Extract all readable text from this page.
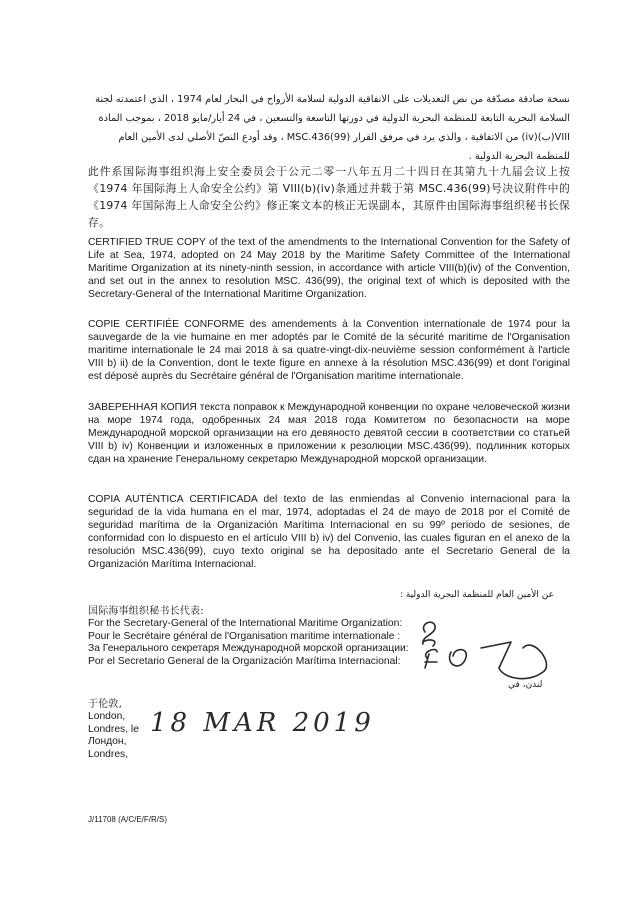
نسخة صادقة مصدّقة من نص التعديلات على الاتفاقية الدولية لسلامة الأرواح في البحار لعام 1974 ، الذي اعتمدته لجنة السلامة البحرية التابعة للمنظمة البحرية الدولية في دورتها التاسعة والتسعين ، في 24 أيار/مايو 2018 ، بموجب المادة VIII(ب)(iv) من الاتفاقية ، والذي يرد في مرفق القرار MSC.436(99) ، وقد أودع النصّ الأصلي لدى الأمين العام للمنظمة البحرية الدولية .

此件系国际海事组织海上安全委员会于公元二零一八年五月二十四日在其第九十九届会议上按《1974 年国际海上人命安全公约》第 VIII(b)(iv)条通过并载于第 MSC.436(99)号决议附件中的《1974 年国际海上人命安全公约》修正案文本的核正无误副本，其原件由国际海事组织秘书长保存。

CERTIFIED TRUE COPY of the text of the amendments to the International Convention for the Safety of Life at Sea, 1974, adopted on 24 May 2018 by the Maritime Safety Committee of the International Maritime Organization at its ninety-ninth session, in accordance with article VIII(b)(iv) of the Convention, and set out in the annex to resolution MSC. 436(99), the original text of which is deposited with the Secretary-General of the International Maritime Organization.

COPIE CERTIFIÉE CONFORME des amendements à la Convention internationale de 1974 pour la sauvegarde de la vie humaine en mer adoptés par le Comité de la sécurité maritime de l'Organisation maritime internationale le 24 mai 2018 à sa quatre-vingt-dix-neuvième session conformément à l'article VIII b) ii) de la Convention, dont le texte figure en annexe à la résolution MSC.436(99) et dont l'original est déposé auprès du Secrétaire général de l'Organisation maritime internationale.

ЗАВЕРЕННАЯ КОПИЯ текста поправок к Международной конвенции по охране человеческой жизни на море 1974 года, одобренных 24 мая 2018 года Комитетом по безопасности на море Международной морской организации на его девяносто девятой сессии в соответствии со статьей VIII b) iv) Конвенции и изложенных в приложении к резолюции MSC.436(99), подлинник которых сдан на хранение Генеральному секретарю Международной морской организации.

COPIA AUTÉNTICA CERTIFICADA del texto de las enmiendas al Convenio internacional para la seguridad de la vida humana en el mar, 1974, adoptadas el 24 de mayo de 2018 por el Comité de seguridad marítima de la Organización Marítima Internacional en su 99º periodo de sesiones, de conformidad con lo dispuesto en el artículo VIII b) iv) del Convenio, las cuales figuran en el anexo de la resolución MSC.436(99), cuyo texto original se ha depositado ante el Secretario General de la Organización Marítima Internacional.

عن الأمين العام للمنظمة البحرية الدولية :
国际海事组织秘书长代表:
For the Secretary-General of the International Maritime Organization:
Pour le Secrétaire général de l'Organisation maritime internationale :
За Генерального секретаря Международной морской организации:
Por el Secretario General de la Organización Marítima Internacional:
لندن، في
于伦敦,
London,
Londres, le
Лондон,
Londres,
18 MAR 2019
J/11708 (A/C/E/F/R/S)
